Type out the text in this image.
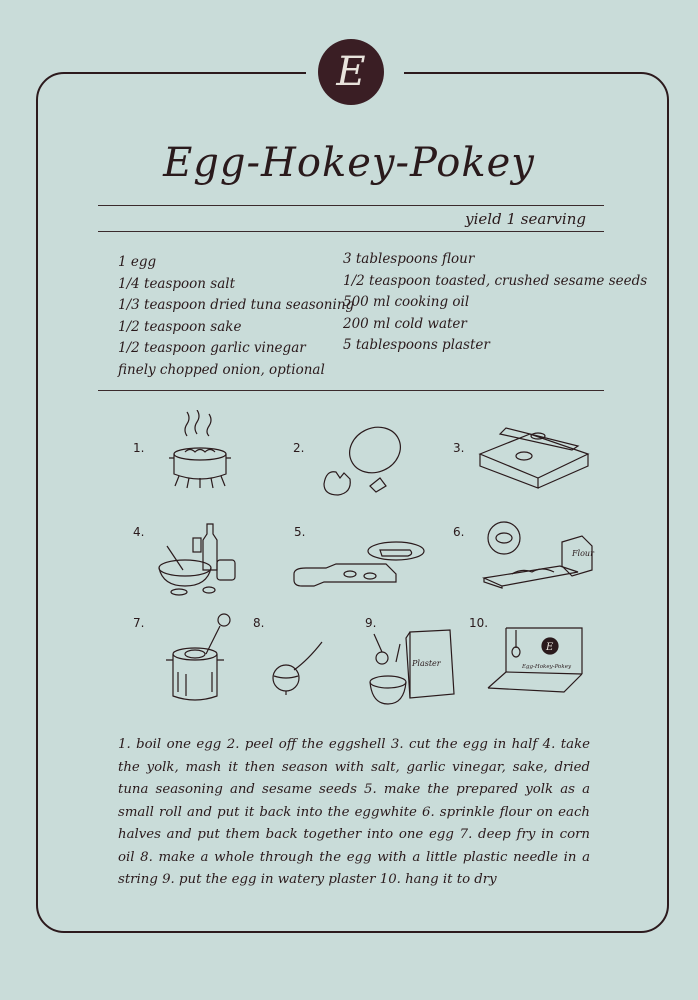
E
Egg-Hokey-Pokey
yield 1 searving
1 egg
1/4 teaspoon salt
1/3 teaspoon dried tuna seasoning
1/2 teaspoon sake
1/2 teaspoon garlic vinegar
finely chopped onion, optional
3 tablespoons flour
1/2 teaspoon toasted, crushed sesame seeds
500 ml cooking oil
200 ml cold water
5 tablespoons plaster
1.	2.	3.
4.	5.	6.
7.	8.	9.	10.
Flour
Plaster
E
Egg-Hokey-Pokey
1. boil one egg 2. peel off the eggshell 3. cut the egg in half 4. take the yolk, mash it then season with salt, garlic vinegar, sake, dried tuna seasoning and sesame seeds 5. make the prepared yolk as a small roll and put it back into the eggwhite 6. sprinkle flour on each halves and put them back together into one egg 7. deep fry in corn oil 8. make a whole through the egg with a little plastic needle in a string 9. put the egg in watery plaster 10. hang it to dry
